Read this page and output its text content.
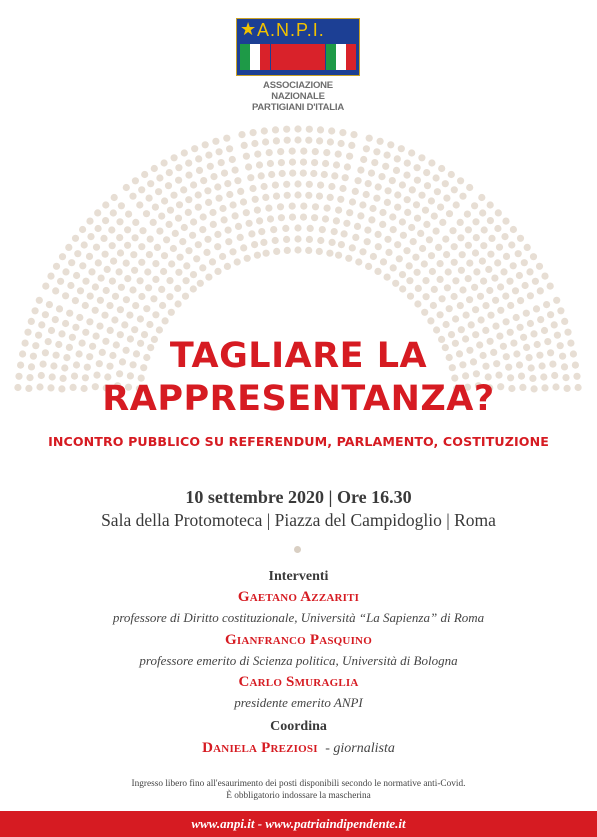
★ A.N.P.I.
ASSOCIAZIONE NAZIONALE
PARTIGIANI D'ITALIA
TAGLIARE LA
RAPPRESENTANZA?
INCONTRO PUBBLICO SU REFERENDUM, PARLAMENTO, COSTITUZIONE
10 settembre 2020 | Ore 16.30
Sala della Protomoteca | Piazza del Campidoglio | Roma
Interventi
Gaetano Azzariti
professore di Diritto costituzionale, Università “La Sapienza” di Roma
Gianfranco Pasquino
professore emerito di Scienza politica, Università di Bologna
Carlo Smuraglia
presidente emerito ANPI
Coordina
Daniela Preziosi  - giornalista
Ingresso libero fino all'esaurimento dei posti disponibili secondo le normative anti-Covid.
È obbligatorio indossare la mascherina
www.anpi.it - www.patriaindipendente.it
